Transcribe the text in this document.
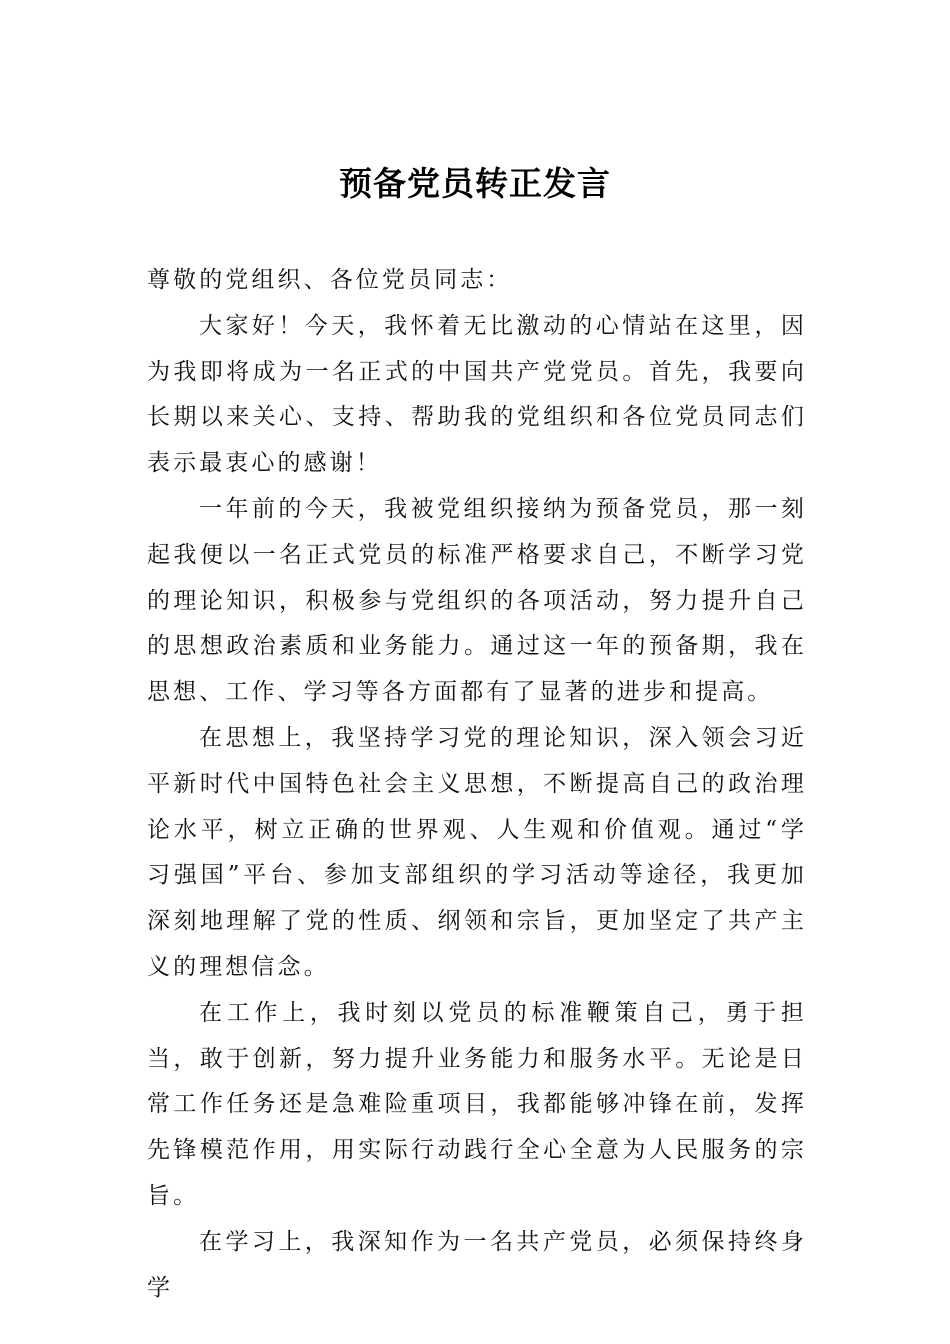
预备党员转正发言

尊敬的党组织、各位党员同志：

大家好！今天，我怀着无比激动的心情站在这里，因为我即将成为一名正式的中国共产党党员。首先，我要向长期以来关心、支持、帮助我的党组织和各位党员同志们表示最衷心的感谢！

一年前的今天，我被党组织接纳为预备党员，那一刻起我便以一名正式党员的标准严格要求自己，不断学习党的理论知识，积极参与党组织的各项活动，努力提升自己的思想政治素质和业务能力。通过这一年的预备期，我在思想、工作、学习等各方面都有了显著的进步和提高。

在思想上，我坚持学习党的理论知识，深入领会习近平新时代中国特色社会主义思想，不断提高自己的政治理论水平，树立正确的世界观、人生观和价值观。通过“学习强国”平台、参加支部组织的学习活动等途径，我更加深刻地理解了党的性质、纲领和宗旨，更加坚定了共产主义的理想信念。

在工作上，我时刻以党员的标准鞭策自己，勇于担当，敢于创新，努力提升业务能力和服务水平。无论是日常工作任务还是急难险重项目，我都能够冲锋在前，发挥先锋模范作用，用实际行动践行全心全意为人民服务的宗旨。

在学习上，我深知作为一名共产党员，必须保持终身学
